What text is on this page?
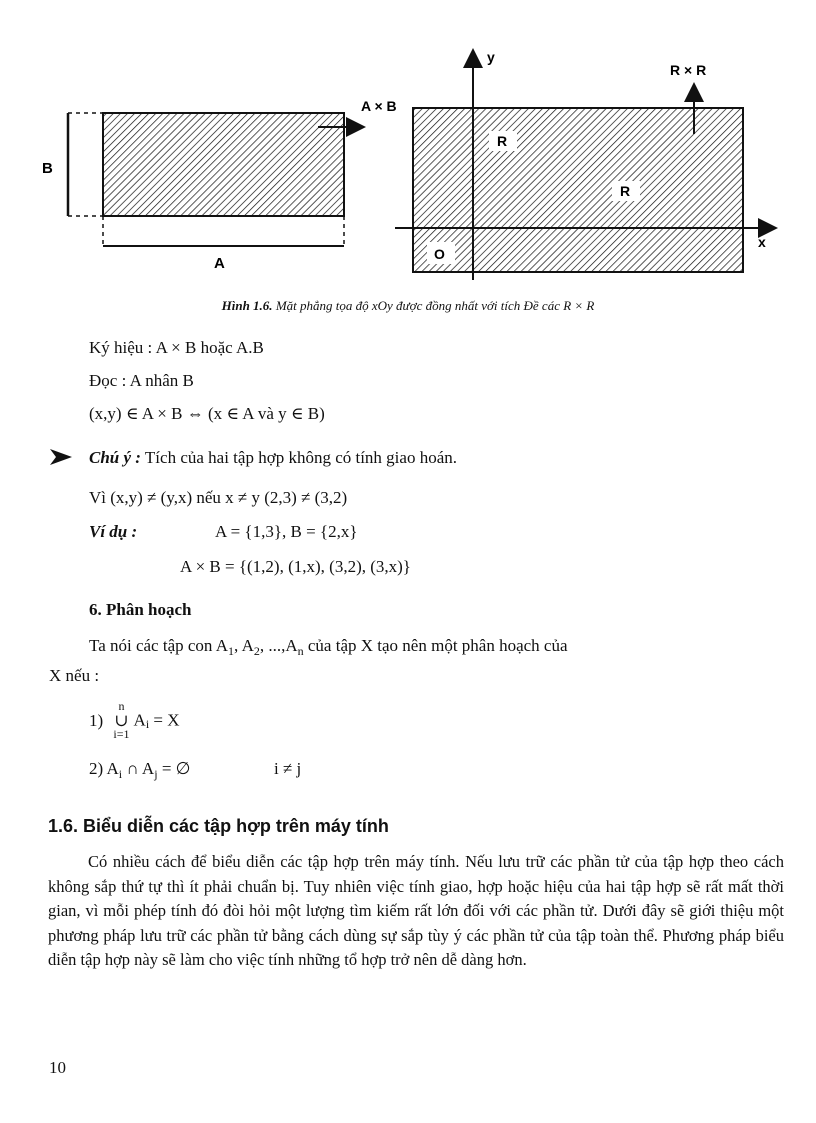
B
A
A × B
y
x
O
R
R
R × R
Hình 1.6. Mặt phẳng tọa độ xOy được đồng nhất với tích Đề các R × R
Ký hiệu : A × B hoặc A.B
Đọc : A nhân B
(x,y) ∈ A × B ⇔ (x ∈ A và y ∈ B)
Chú ý : Tích của hai tập hợp không có tính giao hoán.
Vì (x,y) ≠ (y,x) nếu x ≠ y (2,3) ≠ (3,2)
Ví dụ :	A = {1,3}, B = {2,x}
A × B = {(1,2), (1,x), (3,2), (3,x)}
6. Phân hoạch
Ta nói các tập con $A_1$, $A_2$, $...,A_n$ của tập X tạo nên một phân hoạch của
X nếu :
1)
n
∪
i=1
$A_i = X$
2) $A_i$ ∩ $A_j$ = ∅	i ≠ j
1.6. Biểu diễn các tập hợp trên máy tính
Có nhiều cách để biểu diễn các tập hợp trên máy tính. Nếu lưu trữ các phần tử của tập hợp theo cách không sắp thứ tự thì ít phải chuẩn bị. Tuy nhiên việc tính giao, hợp hoặc hiệu của hai tập hợp sẽ rất mất thời gian, vì mỗi phép tính đó đòi hỏi một lượng tìm kiếm rất lớn đối với các phần tử. Dưới đây sẽ giới thiệu một phương pháp lưu trữ các phần tử bằng cách dùng sự sắp tùy ý các phần tử của tập toàn thể. Phương pháp biểu diễn tập hợp này sẽ làm cho việc tính những tổ hợp trở nên dễ dàng hơn.
10
